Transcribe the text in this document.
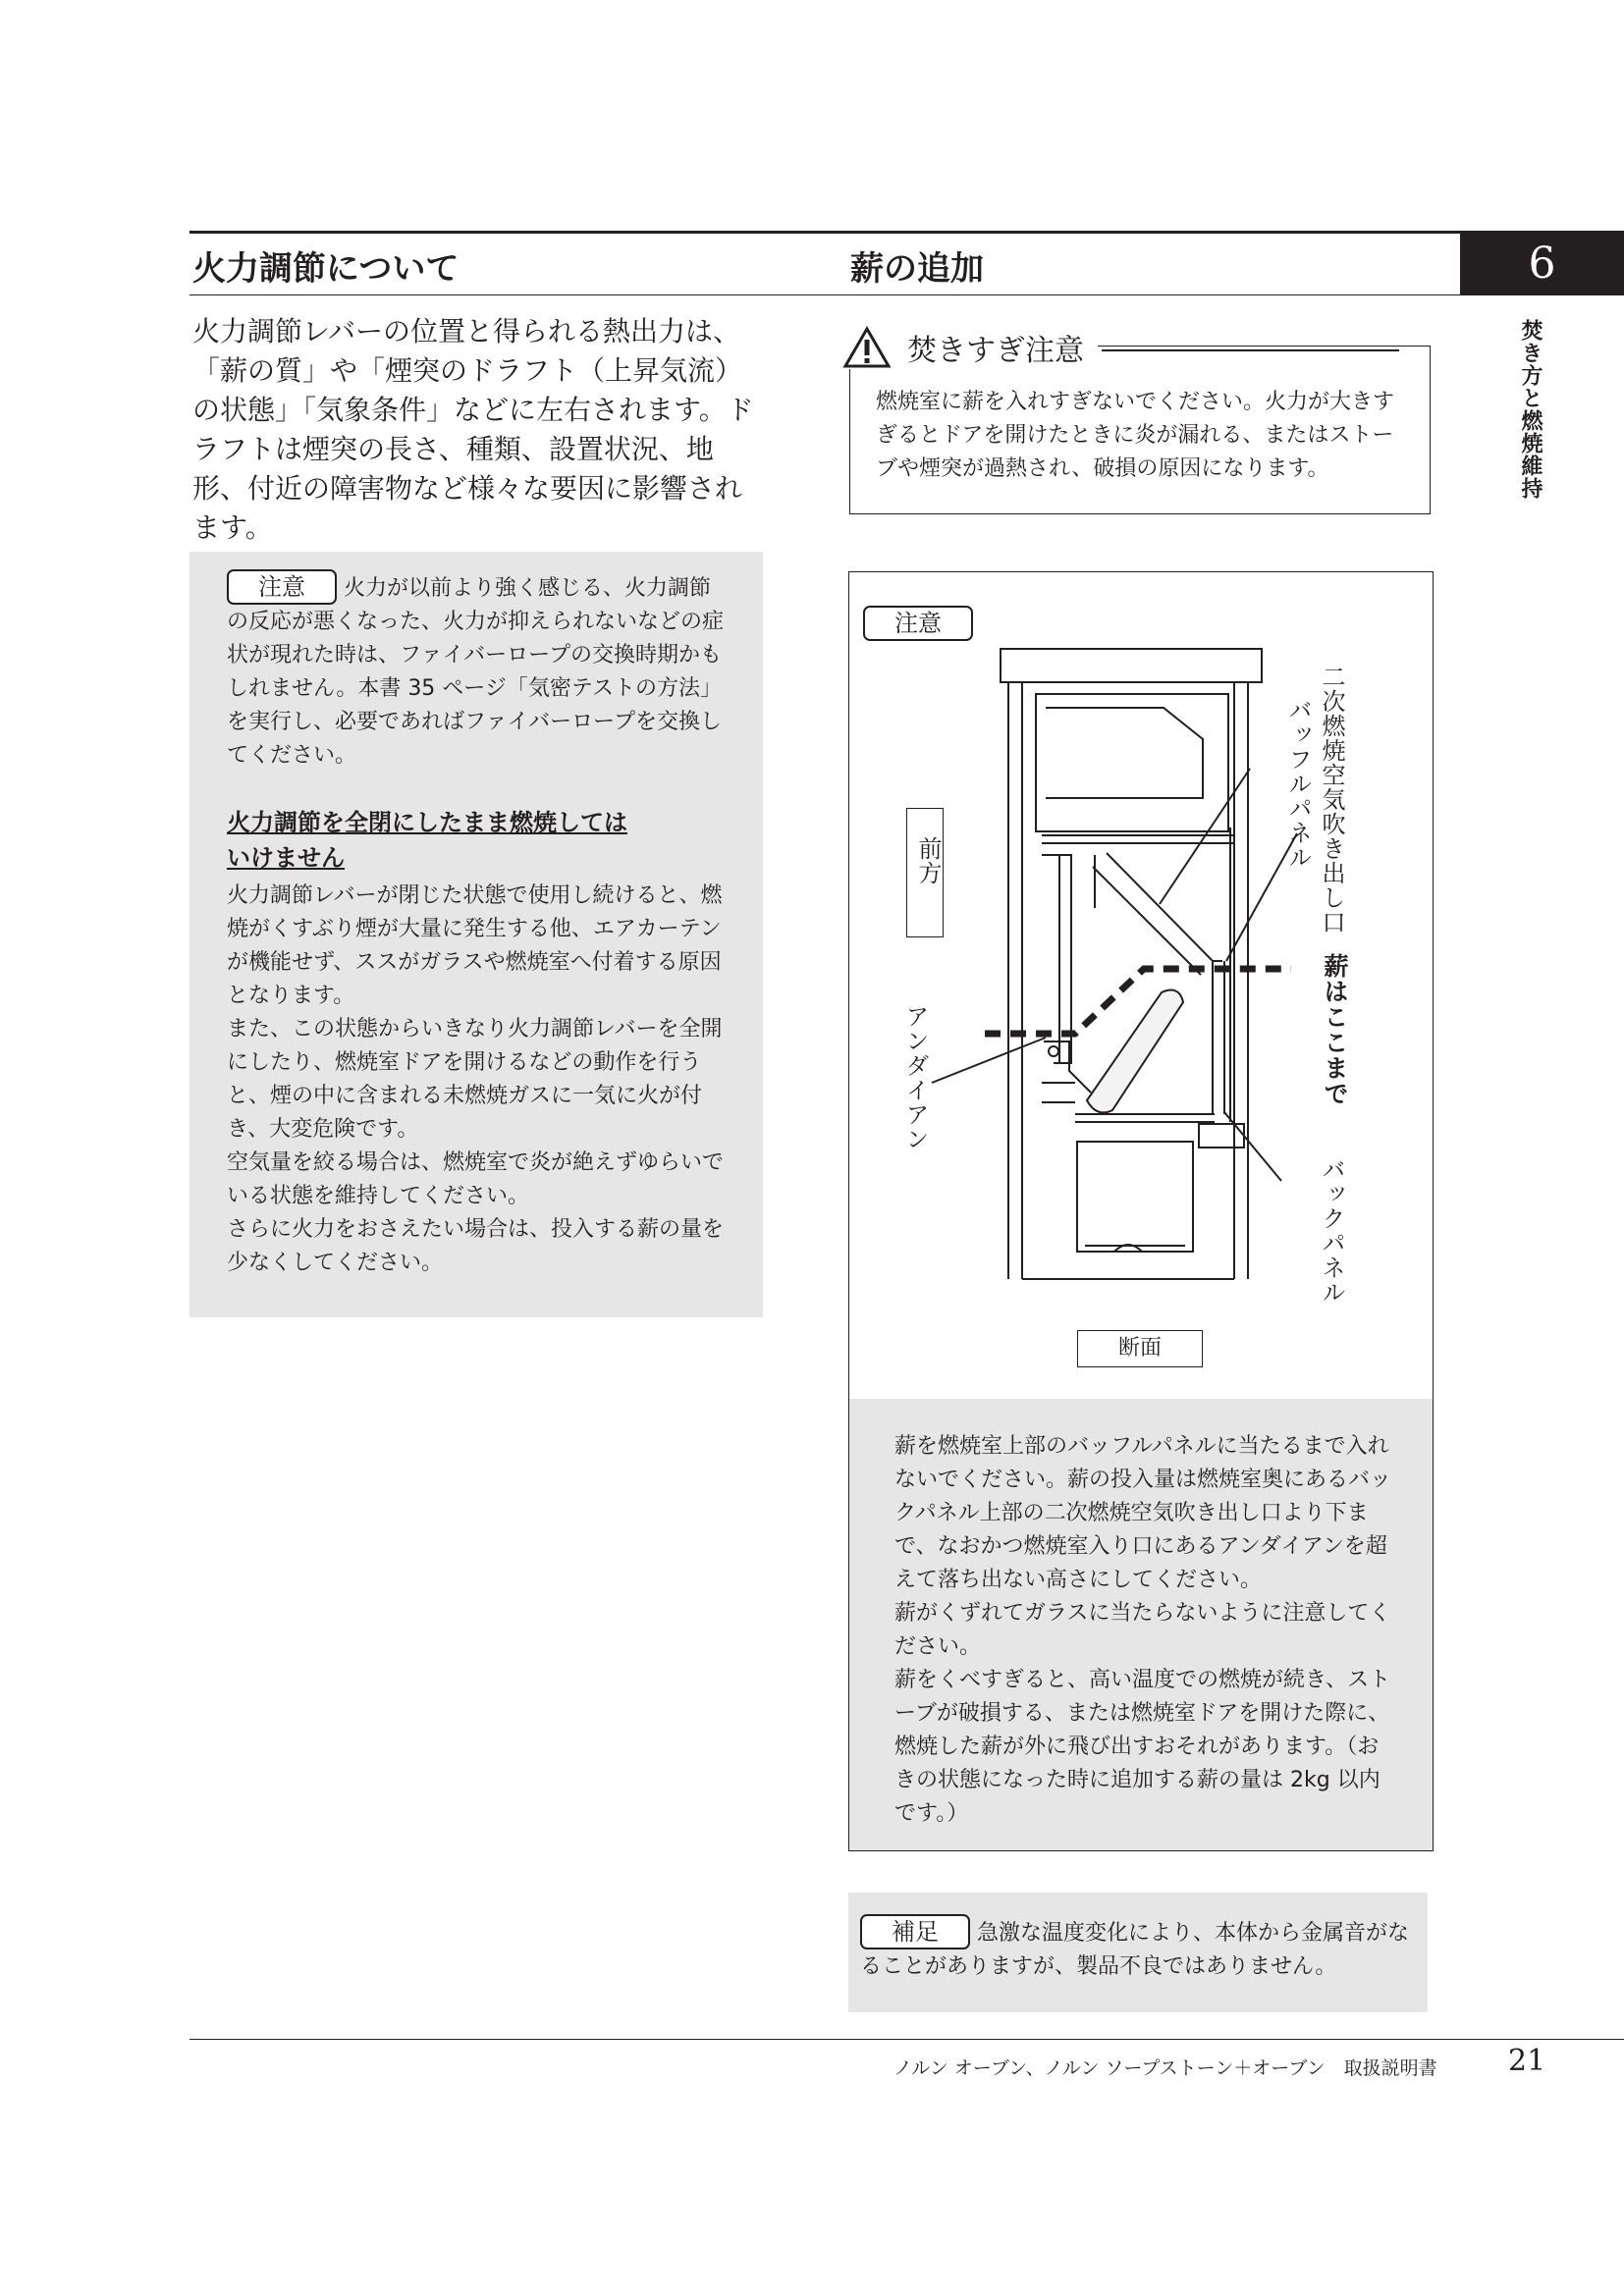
火力調節について	薪の追加	6
焚き方と燃焼維持
火力調節レバーの位置と得られる熱出力は、「薪の質」や「煙突のドラフト（上昇気流）の状態」「気象条件」などに左右されます。ドラフトは煙突の長さ、種類、設置状況、地形、付近の障害物など様々な要因に影響されます。
注意 火力が以前より強く感じる、火力調節の反応が悪くなった、火力が抑えられないなどの症状が現れた時は、ファイバーロープの交換時期かもしれません。本書 35 ページ「気密テストの方法」を実行し、必要であればファイバーロープを交換してください。
火力調節を全閉にしたまま燃焼しては
いけません
火力調節レバーが閉じた状態で使用し続けると、燃焼がくすぶり煙が大量に発生する他、エアカーテンが機能せず、ススがガラスや燃焼室へ付着する原因となります。
また、この状態からいきなり火力調節レバーを全開にしたり、燃焼室ドアを開けるなどの動作を行うと、煙の中に含まれる未燃焼ガスに一気に火が付き、大変危険です。
空気量を絞る場合は、燃焼室で炎が絶えずゆらいでいる状態を維持してください。
さらに火力をおさえたい場合は、投入する薪の量を少なくしてください。
燃焼室に薪を入れすぎないでください。火力が大きすぎるとドアを開けたときに炎が漏れる、またはストーブや煙突が過熱され、破損の原因になります。
焚きすぎ注意
注意
前方	二次燃焼空気吹き出し口
バッフルパネル
薪はここまで
アンダイアン
バックパネル
断面
薪を燃焼室上部のバッフルパネルに当たるまで入れないでください。薪の投入量は燃焼室奥にあるバックパネル上部の二次燃焼空気吹き出し口より下まで、なおかつ燃焼室入り口にあるアンダイアンを超えて落ち出ない高さにしてください。
薪がくずれてガラスに当たらないように注意してください。
薪をくべすぎると、高い温度での燃焼が続き、ストーブが破損する、または燃焼室ドアを開けた際に、燃焼した薪が外に飛び出すおそれがあります。（おきの状態になった時に追加する薪の量は 2kg 以内です。）
補足 急激な温度変化により、本体から金属音がなることがありますが、製品不良ではありません。
ノルン オーブン、ノルン ソープストーン＋オーブン　取扱説明書 21
